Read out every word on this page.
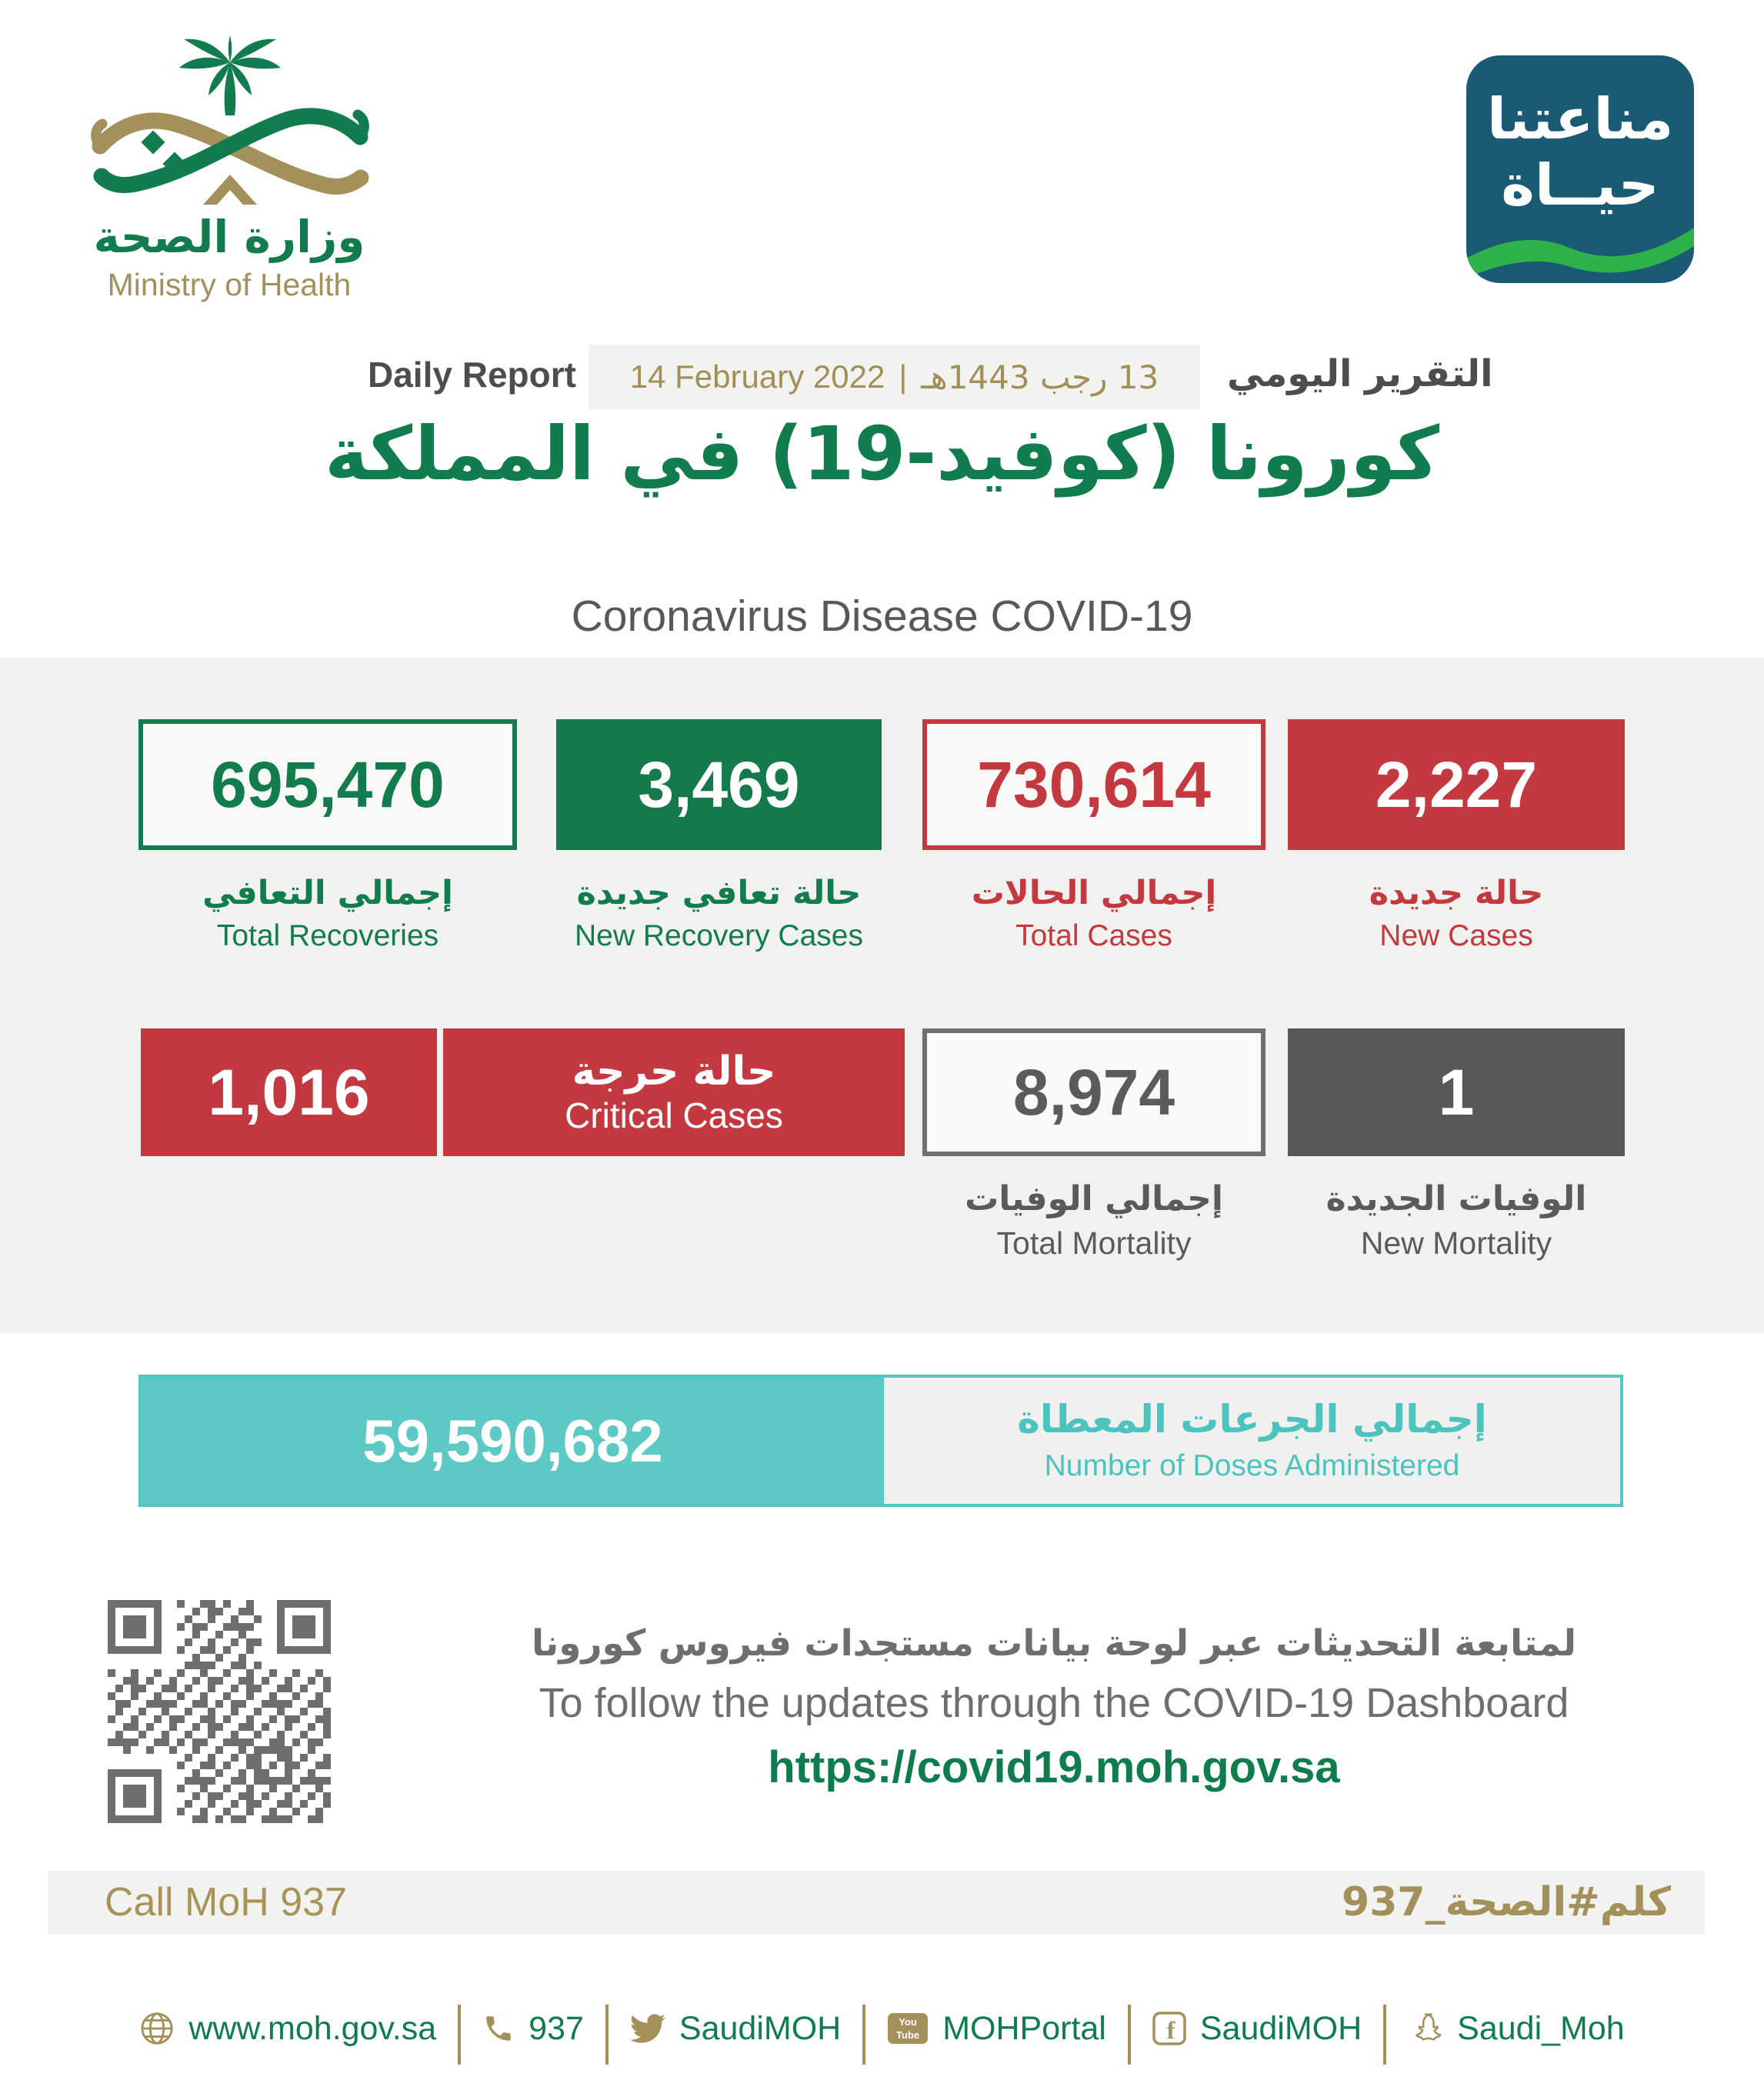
وزارة الصحة
Ministry of Health
مناعتنا
حيــاة
Daily Report 14 February 2022 | 13 رجب 1443هـ التقرير اليومي
كورونا (كوفيد-19) في المملكة
Coronavirus Disease COVID-19
695,470
إجمالي التعافي
Total Recoveries
3,469
حالة تعافي جديدة
New Recovery Cases
730,614
إجمالي الحالات
Total Cases
2,227
حالة جديدة
New Cases
1,016	حالة حرجة
Critical Cases	8,974
إجمالي الوفيات
Total Mortality
1
الوفيات الجديدة
New Mortality
59,590,682	إجمالي الجرعات المعطاة
Number of Doses Administered
لمتابعة التحديثات عبر لوحة بيانات مستجدات فيروس كورونا
To follow the updates through the COVID-19 Dashboard
https://covid19.moh.gov.sa
Call MoH 937	كلم#الصحة_937
www.moh.gov.sa	937	SaudiMOH	You
Tube MOHPortal f SaudiMOH	Saudi_Moh
